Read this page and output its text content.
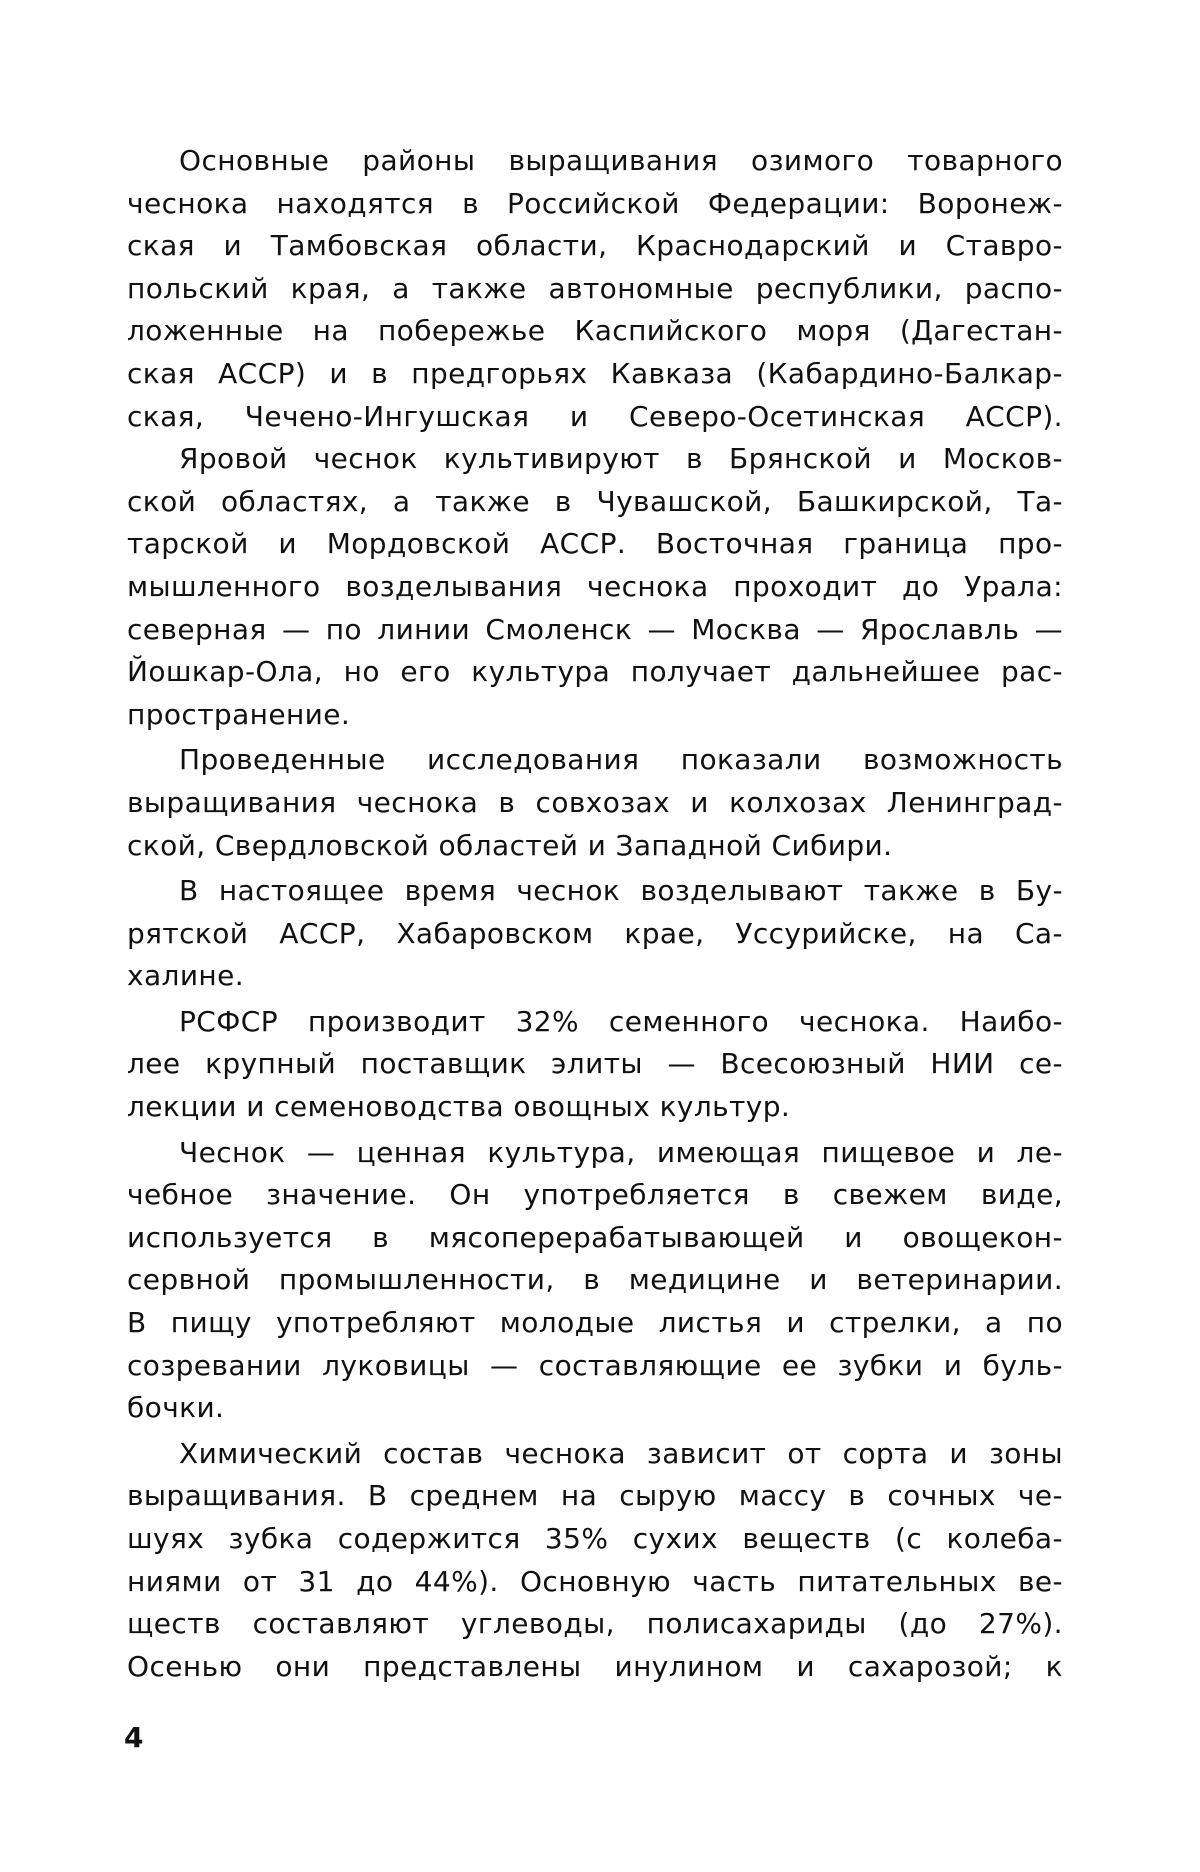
Основные районы выращивания озимого товарного
чеснока находятся в Российской Федерации: Воронеж-
ская и Тамбовская области, Краснодарский и Ставро-
польский края, а также автономные республики, распо-
ложенные на побережье Каспийского моря (Дагестан-
ская АССР) и в предгорьях Кавказа (Кабардино-Балкар-
ская, Чечено-Ингушская и Северо-Осетинская АССР).
Яровой чеснок культивируют в Брянской и Москов-
ской областях, а также в Чувашской, Башкирской, Та-
тарской и Мордовской АССР. Восточная граница про-
мышленного возделывания чеснока проходит до Урала:
северная — по линии Смоленск — Москва — Ярославль —
Йошкар-Ола, но его культура получает дальнейшее рас-
пространение.
Проведенные исследования показали возможность
выращивания чеснока в совхозах и колхозах Ленинград-
ской, Свердловской областей и Западной Сибири.
В настоящее время чеснок возделывают также в Бу-
рятской АССР, Хабаровском крае, Уссурийске, на Са-
халине.
РСФСР производит 32% семенного чеснока. Наибо-
лее крупный поставщик элиты — Всесоюзный НИИ се-
лекции и семеноводства овощных культур.
Чеснок — ценная культура, имеющая пищевое и ле-
чебное значение. Он употребляется в свежем виде,
используется в мясоперерабатывающей и овощекон-
сервной промышленности, в медицине и ветеринарии.
В пищу употребляют молодые листья и стрелки, а по
созревании луковицы — составляющие ее зубки и буль-
бочки.
Химический состав чеснока зависит от сорта и зоны
выращивания. В среднем на сырую массу в сочных че-
шуях зубка содержится 35% сухих веществ (с колеба-
ниями от 31 до 44%). Основную часть питательных ве-
ществ составляют углеводы, полисахариды (до 27%).
Осенью они представлены инулином и сахарозой; к
4
